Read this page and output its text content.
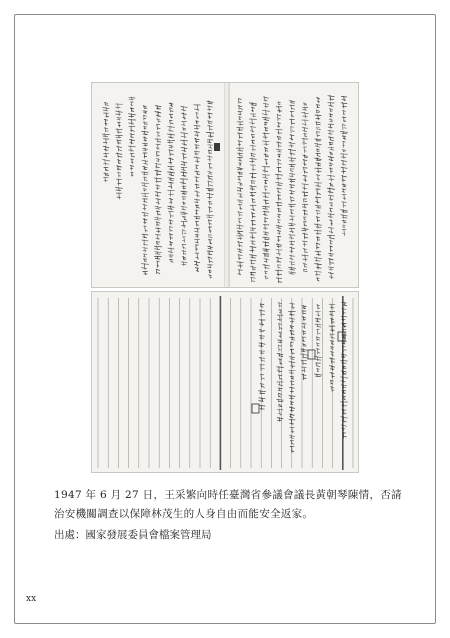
1947 年 6 月 27 日，王采繁向時任臺灣省參議會議長黃朝琴陳情，否請治安機關調查以保障林茂生的人身自由而能安全返家。

出處：國家發展委員會檔案管理局

xx
